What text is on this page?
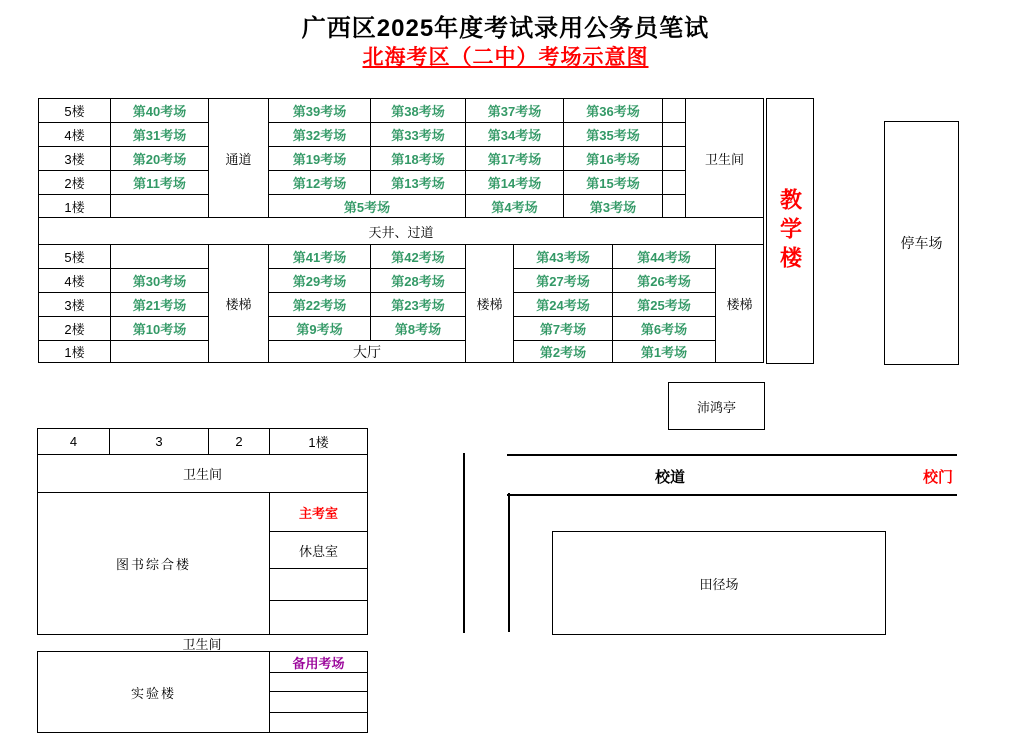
广西区2025年度考试录用公务员笔试
北海考区（二中）考场示意图
5楼	第40考场	通道	第39考场	第38考场	第37考场		第36考场			卫生间	
4楼	第31考场		第32考场	第33考场	第34考场		第35考场				
3楼	第20考场		第19考场	第18考场	第17考场		第16考场				
2楼	第11考场		第12考场	第13考场	第14考场		第15考场				
1楼			第5考场		第4考场		第3考场				
天井、过道											
5楼		楼梯	第41考场	第42考场	楼梯	第43考场		第44考场			楼梯
4楼	第30考场		第29考场	第28考场		第27考场		第26考场			
3楼	第21考场		第22考场	第23考场		第24考场		第25考场			
2楼	第10考场		第9考场	第8考场		第7考场		第6考场			
1楼			大厅			第2考场		第1考场			
教学楼	停车场
沛鸿亭
4	3	2	1楼
卫生间			
图书综合楼			主考室
			休息室

卫生间
实验楼	备用考场

校道	校门
田径场
